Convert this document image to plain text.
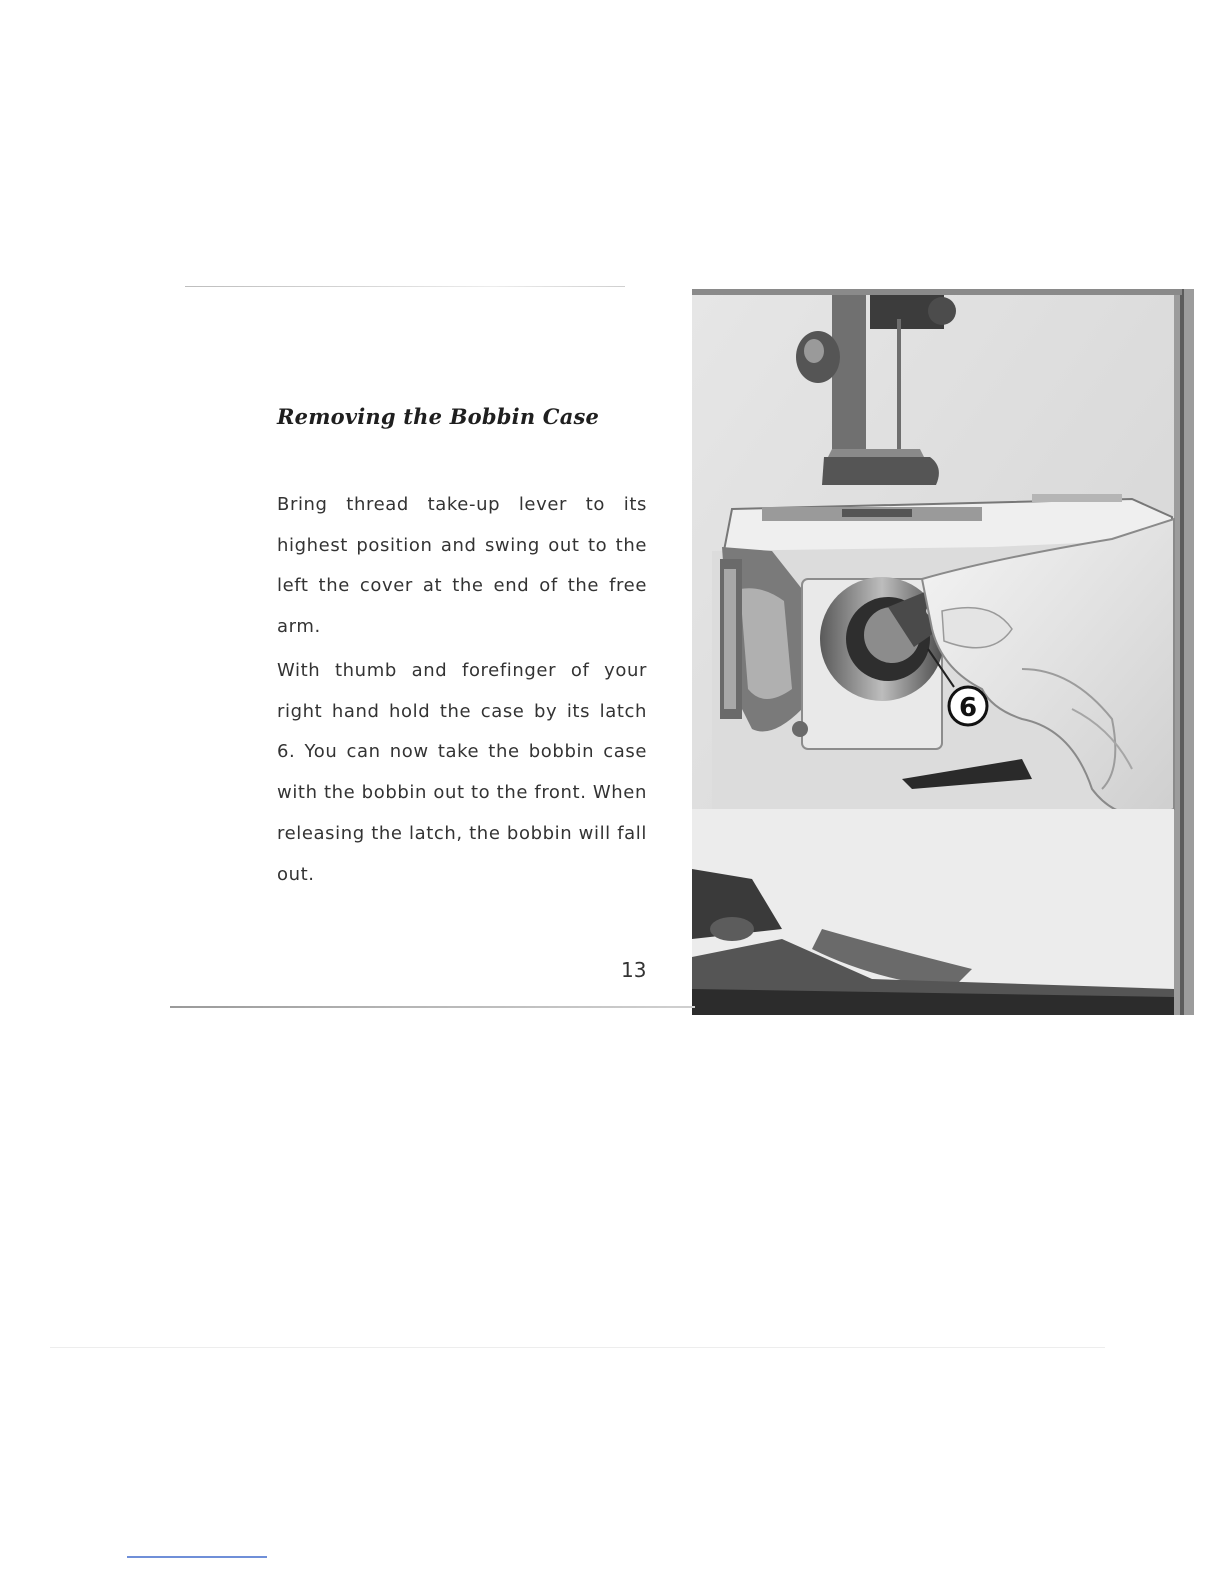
Removing the Bobbin Case

Bring thread take-up lever to its highest position and swing out to the left the cover at the end of the free arm.

With thumb and forefinger of your right hand hold the case by its latch 6. You can now take the bobbin case with the bobbin out to the front. When releasing the latch, the bobbin will fall out.

13
6
